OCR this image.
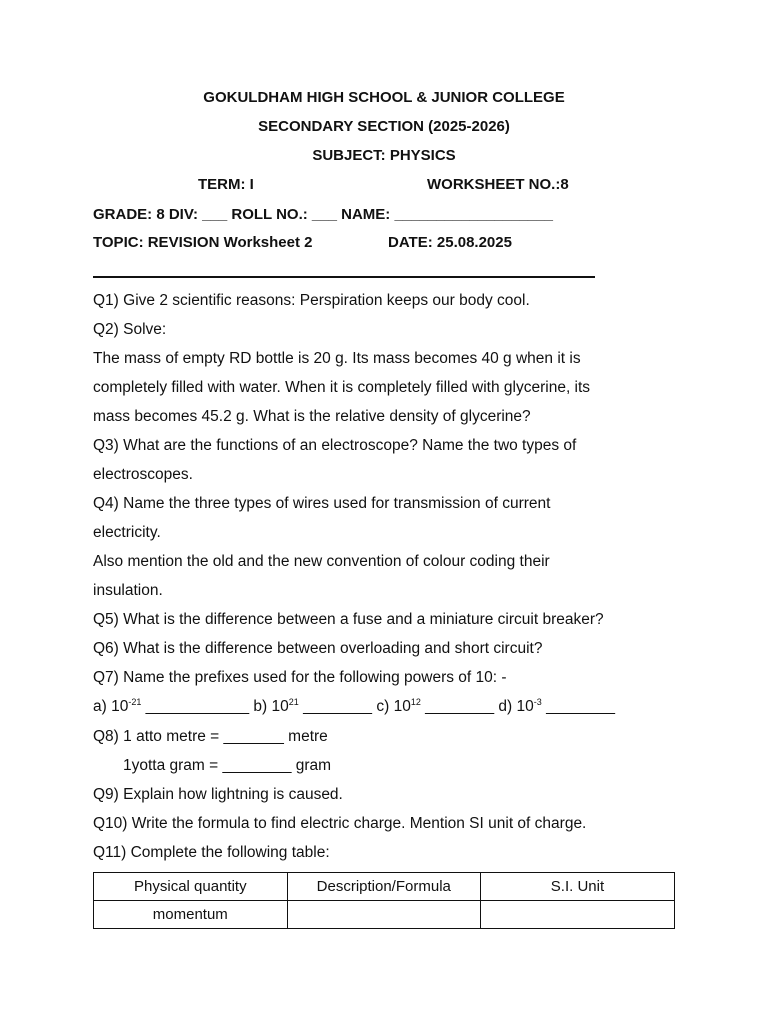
GOKULDHAM HIGH SCHOOL & JUNIOR COLLEGE
SECONDARY SECTION (2025-2026)
SUBJECT: PHYSICS
TERM: I	WORKSHEET NO.:8
GRADE: 8 DIV: ___ ROLL NO.: ___ NAME: ___________________
TOPIC: REVISION Worksheet 2	DATE: 25.08.2025
Q1) Give 2 scientific reasons: Perspiration keeps our body cool.
Q2) Solve:
The mass of empty RD bottle is 20 g. Its mass becomes 40 g when it is
completely filled with water. When it is completely filled with glycerine, its
mass becomes 45.2 g. What is the relative density of glycerine?
Q3) What are the functions of an electroscope? Name the two types of
electroscopes.
Q4) Name the three types of wires used for transmission of current
electricity.
Also mention the old and the new convention of colour coding their
insulation.
Q5) What is the difference between a fuse and a miniature circuit breaker?
Q6) What is the difference between overloading and short circuit?
Q7) Name the prefixes used for the following powers of 10: -
a) $10^{-21}$ ____________ b) $10^{21}$ ________ c) $10^{12}$ ________ d) $10^{-3}$ ________
Q8) 1 atto metre = _______ metre
1yotta gram = ________ gram
Q9) Explain how lightning is caused.
Q10) Write the formula to find electric charge. Mention SI unit of charge.
Q11) Complete the following table:
Physical quantity	Description/Formula	S.I. Unit
momentum		
